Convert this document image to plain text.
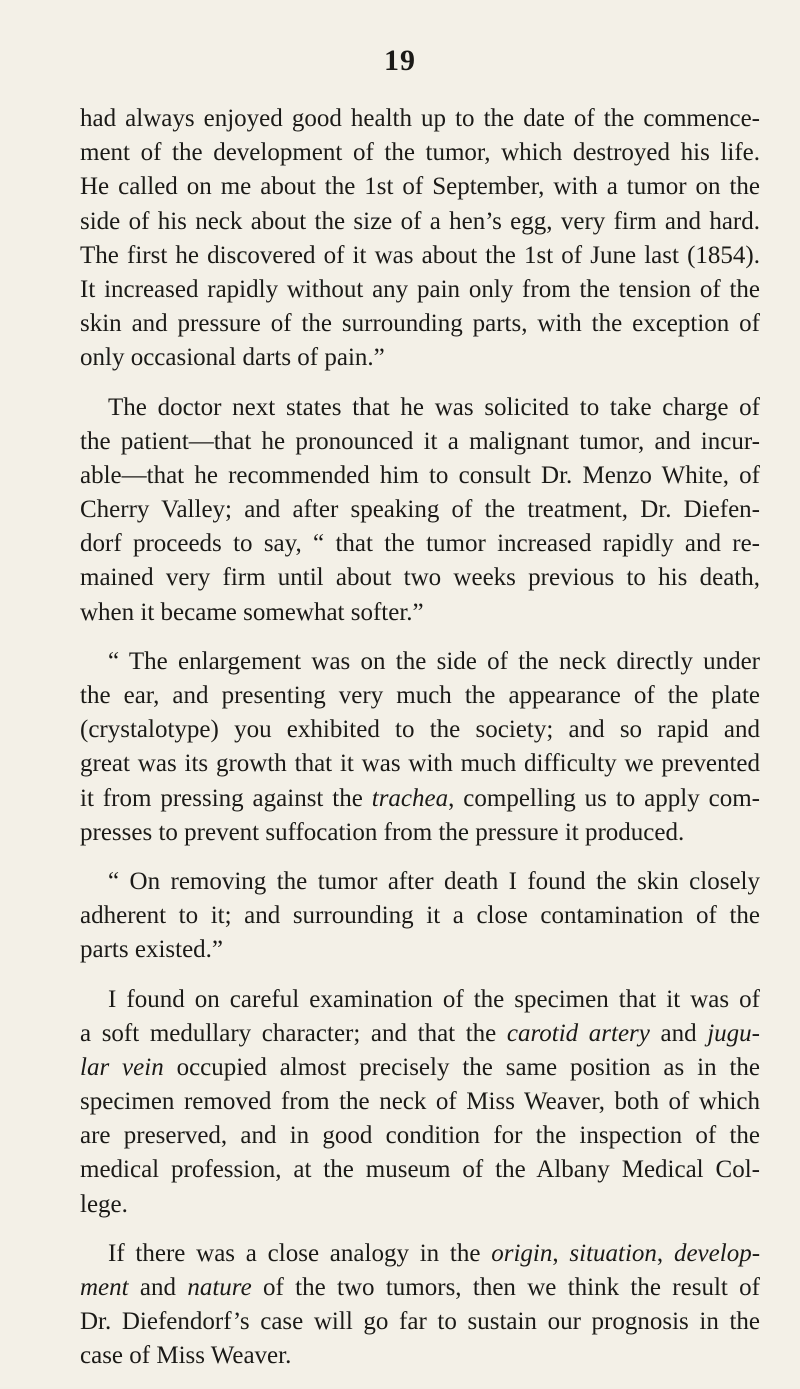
19
had always enjoyed good health up to the date of the commence-
ment of the development of the tumor, which destroyed his life.
He called on me about the 1st of September, with a tumor on the
side of his neck about the size of a hen’s egg, very firm and hard.
The first he discovered of it was about the 1st of June last (1854).
It increased rapidly without any pain only from the tension of the
skin and pressure of the surrounding parts, with the exception of
only occasional darts of pain.”
The doctor next states that he was solicited to take charge of
the patient—that he pronounced it a malignant tumor, and incur-
able—that he recommended him to consult Dr. Menzo White, of
Cherry Valley; and after speaking of the treatment, Dr. Diefen-
dorf proceeds to say, “ that the tumor increased rapidly and re-
mained very firm until about two weeks previous to his death,
when it became somewhat softer.”
“ The enlargement was on the side of the neck directly under
the ear, and presenting very much the appearance of the plate
(crystalotype) you exhibited to the society; and so rapid and
great was its growth that it was with much difficulty we prevented
it from pressing against the trachea, compelling us to apply com-
presses to prevent suffocation from the pressure it produced.
“ On removing the tumor after death I found the skin closely
adherent to it; and surrounding it a close contamination of the
parts existed.”
I found on careful examination of the specimen that it was of
a soft medullary character; and that the carotid artery and jugu-
lar vein occupied almost precisely the same position as in the
specimen removed from the neck of Miss Weaver, both of which
are preserved, and in good condition for the inspection of the
medical profession, at the museum of the Albany Medical Col-
lege.
If there was a close analogy in the origin, situation, develop-
ment and nature of the two tumors, then we think the result of
Dr. Diefendorf’s case will go far to sustain our prognosis in the
case of Miss Weaver.
